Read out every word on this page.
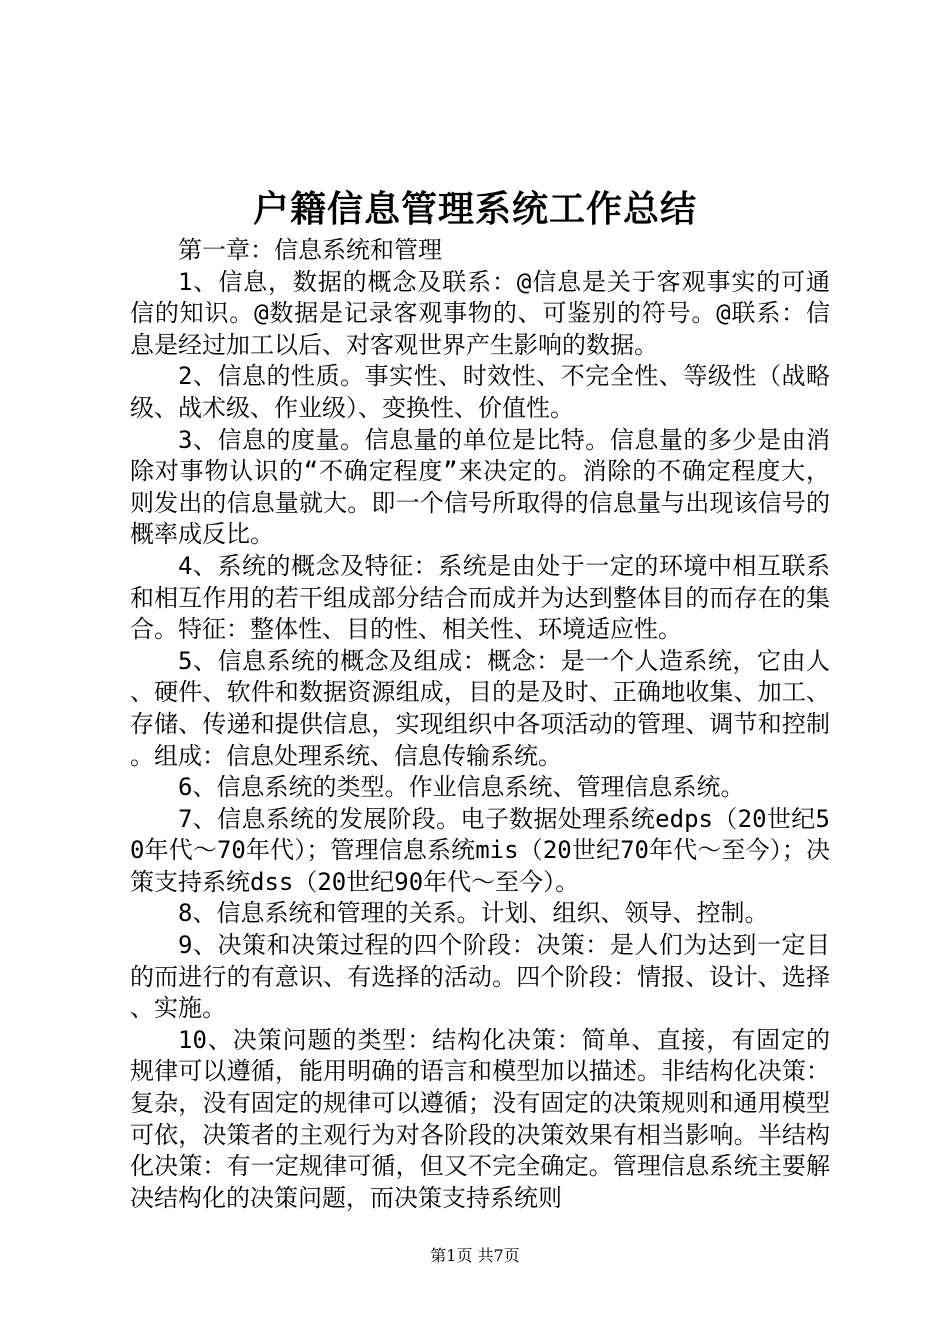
户籍信息管理系统工作总结

第一章：信息系统和管理

1、信息，数据的概念及联系：@信息是关于客观事实的可通信的知识。@数据是记录客观事物的、可鉴别的符号。@联系：信息是经过加工以后、对客观世界产生影响的数据。

2、信息的性质。事实性、时效性、不完全性、等级性（战略级、战术级、作业级）、变换性、价值性。

3、信息的度量。信息量的单位是比特。信息量的多少是由消除对事物认识的“不确定程度”来决定的。消除的不确定程度大，则发出的信息量就大。即一个信号所取得的信息量与出现该信号的概率成反比。

4、系统的概念及特征：系统是由处于一定的环境中相互联系和相互作用的若干组成部分结合而成并为达到整体目的而存在的集合。特征：整体性、目的性、相关性、环境适应性。

5、信息系统的概念及组成：概念：是一个人造系统，它由人、硬件、软件和数据资源组成，目的是及时、正确地收集、加工、存储、传递和提供信息，实现组织中各项活动的管理、调节和控制。组成：信息处理系统、信息传输系统。

6、信息系统的类型。作业信息系统、管理信息系统。

7、信息系统的发展阶段。电子数据处理系统edps（20世纪50年代～70年代）；管理信息系统mis（20世纪70年代～至今）；决策支持系统dss（20世纪90年代～至今）。

8、信息系统和管理的关系。计划、组织、领导、控制。

9、决策和决策过程的四个阶段：决策：是人们为达到一定目的而进行的有意识、有选择的活动。四个阶段：情报、设计、选择、实施。

10、决策问题的类型：结构化决策：简单、直接，有固定的规律可以遵循，能用明确的语言和模型加以描述。非结构化决策：复杂，没有固定的规律可以遵循；没有固定的决策规则和通用模型可依，决策者的主观行为对各阶段的决策效果有相当影响。半结构化决策：有一定规律可循，但又不完全确定。管理信息系统主要解决结构化的决策问题，而决策支持系统则

第1页 共7页
